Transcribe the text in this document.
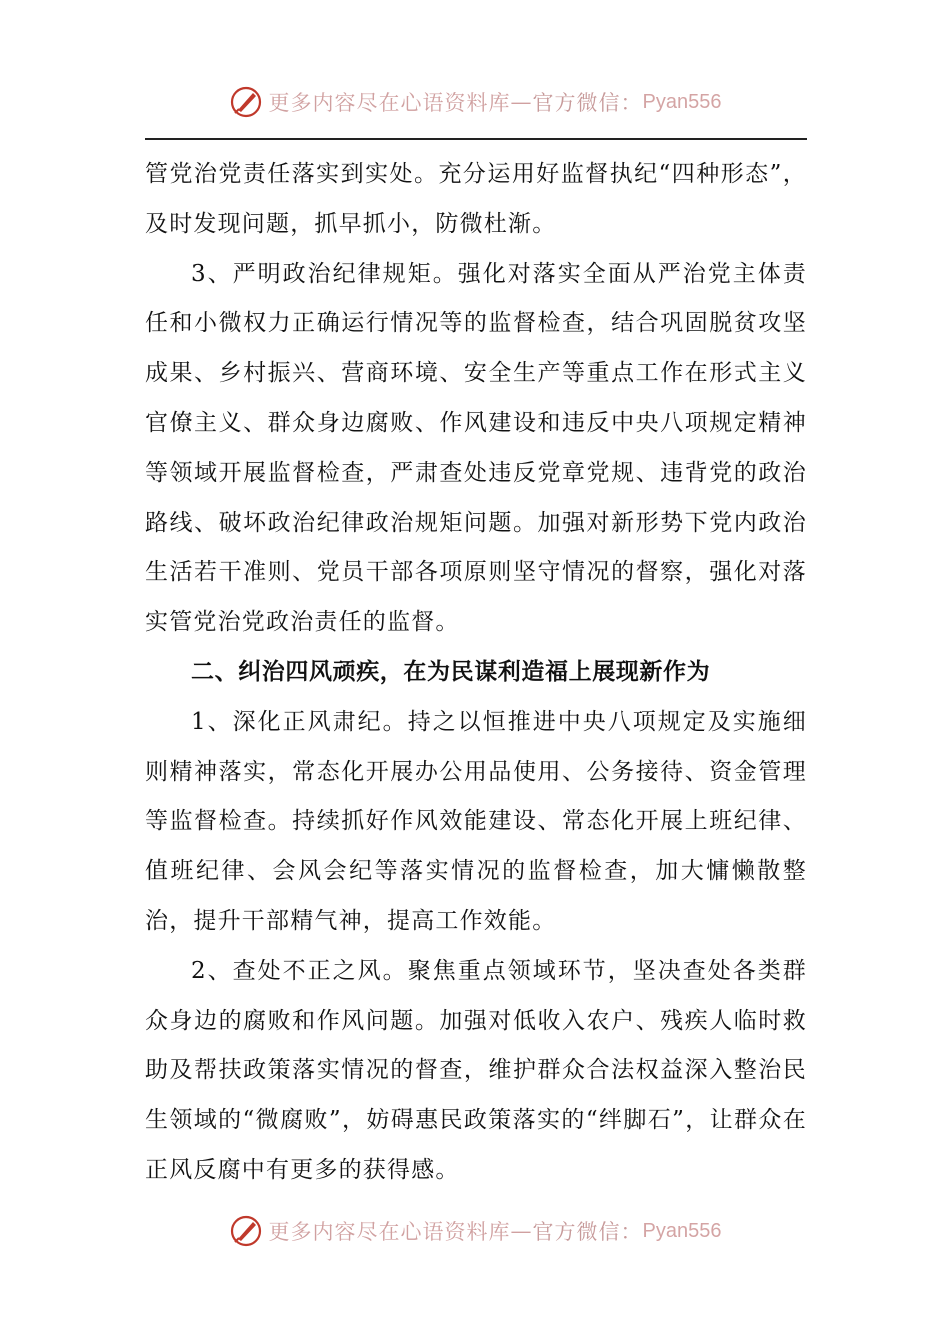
更多内容尽在心语资料库 — 官方微信： Pyan556

管党治党责任落实到实处。充分运用好监督执纪“四种形态”，及时发现问题，抓早抓小，防微杜渐。

3、严明政治纪律规矩。强化对落实全面从严治党主体责任和小微权力正确运行情况等的监督检查，结合巩固脱贫攻坚成果、乡村振兴、营商环境、安全生产等重点工作在形式主义官僚主义、群众身边腐败、作风建设和违反中央八项规定精神等领域开展监督检查，严肃查处违反党章党规、违背党的政治路线、破坏政治纪律政治规矩问题。加强对新形势下党内政治生活若干准则、党员干部各项原则坚守情况的督察，强化对落实管党治党政治责任的监督。

二、纠治四风顽疾，在为民谋利造福上展现新作为

1、深化正风肃纪。持之以恒推进中央八项规定及实施细则精神落实，常态化开展办公用品使用、公务接待、资金管理等监督检查。持续抓好作风效能建设、常态化开展上班纪律、值班纪律、会风会纪等落实情况的监督检查，加大慵懒散整治，提升干部精气神，提高工作效能。

2、查处不正之风。聚焦重点领域环节，坚决查处各类群众身边的腐败和作风问题。加强对低收入农户、残疾人临时救助及帮扶政策落实情况的督查，维护群众合法权益深入整治民生领域的“微腐败”，妨碍惠民政策落实的“绊脚石”，让群众在正风反腐中有更多的获得感。

更多内容尽在心语资料库 — 官方微信： Pyan556
